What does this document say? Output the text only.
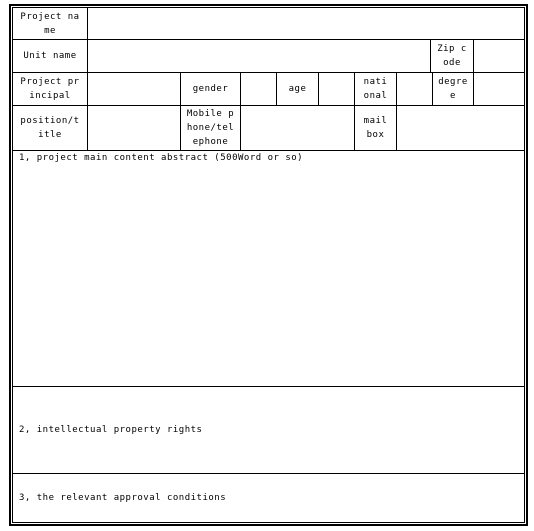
Project na
me
Unit name
Zip c
ode
Project pr
incipal
gender	age
nati
onal
degre
e
position/t
itle
Mobile p
hone/tel
ephone
mail
box
1, project main content abstract (500Word or so)
2, intellectual property rights
3, the relevant approval conditions
